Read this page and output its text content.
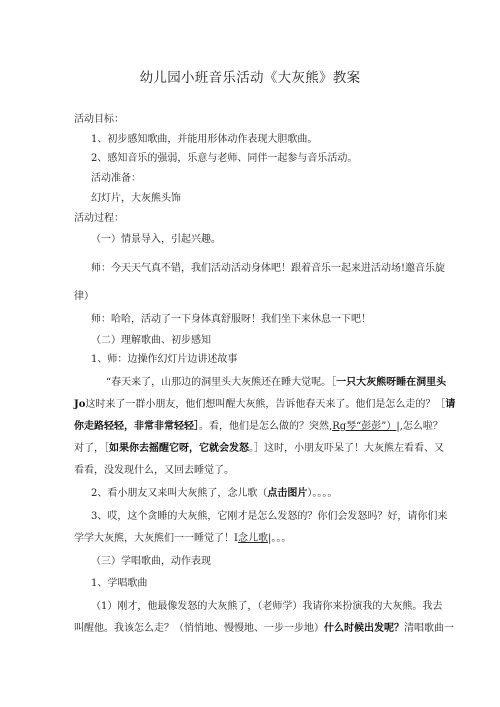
幼儿园小班音乐活动《大灰熊》教案
活动目标：
1、初步感知歌曲，并能用形体动作表现大胆歌曲。
2、感知音乐的强弱，乐意与老师、同伴一起参与音乐活动。
活动准备：
幻灯片，大灰熊头饰
活动过程：
（一）情景导入，引起兴趣。
师：今天天气真不错，我们活动活动身体吧！跟着音乐一起来进活动场!邀音乐旋
律）
师：哈哈，活动了一下身体真舒服呀！我们坐下来休息一下吧！
（二）理解歌曲、初步感知
1、师：边操作幻灯片边讲述故事
“春天来了，山那边的洞里头大灰熊还在睡大觉呢。［一只大灰熊呀睡在洞里头
Jo这时来了一群小朋友，他们想叫醒大灰熊，告诉他春天来了。他们是怎么走的？［请
你走路轻轻，非常非常轻轻］。看，他们是怎么做的？突然,Rg琴“彭彭”）|,怎么啦？
对了，［如果你去摇醒它呀，它就会发怒。］这时，小朋友吓呆了！大灰熊左看看、又
看看，没发现什么，又回去睡觉了。
2、看小朋友又来叫大灰熊了，念儿歌（点击图片）。。。。
3、哎，这个贪睡的大灰熊，它刚才是怎么发怒的？你们会发怒吗？好，请你们来
学学大灰熊，大灰熊们一一睡觉了！I念儿歌|。。。
（三）学唱歌曲，动作表现
1、学唱歌曲
（1）刚才，他最像发怒的大灰熊了，（老师学）我请你来扮演我的大灰熊。我去
叫醒他。我该怎么走？（悄悄地、慢慢地、一步一步地）什么时候出发呢？清唱歌曲一
